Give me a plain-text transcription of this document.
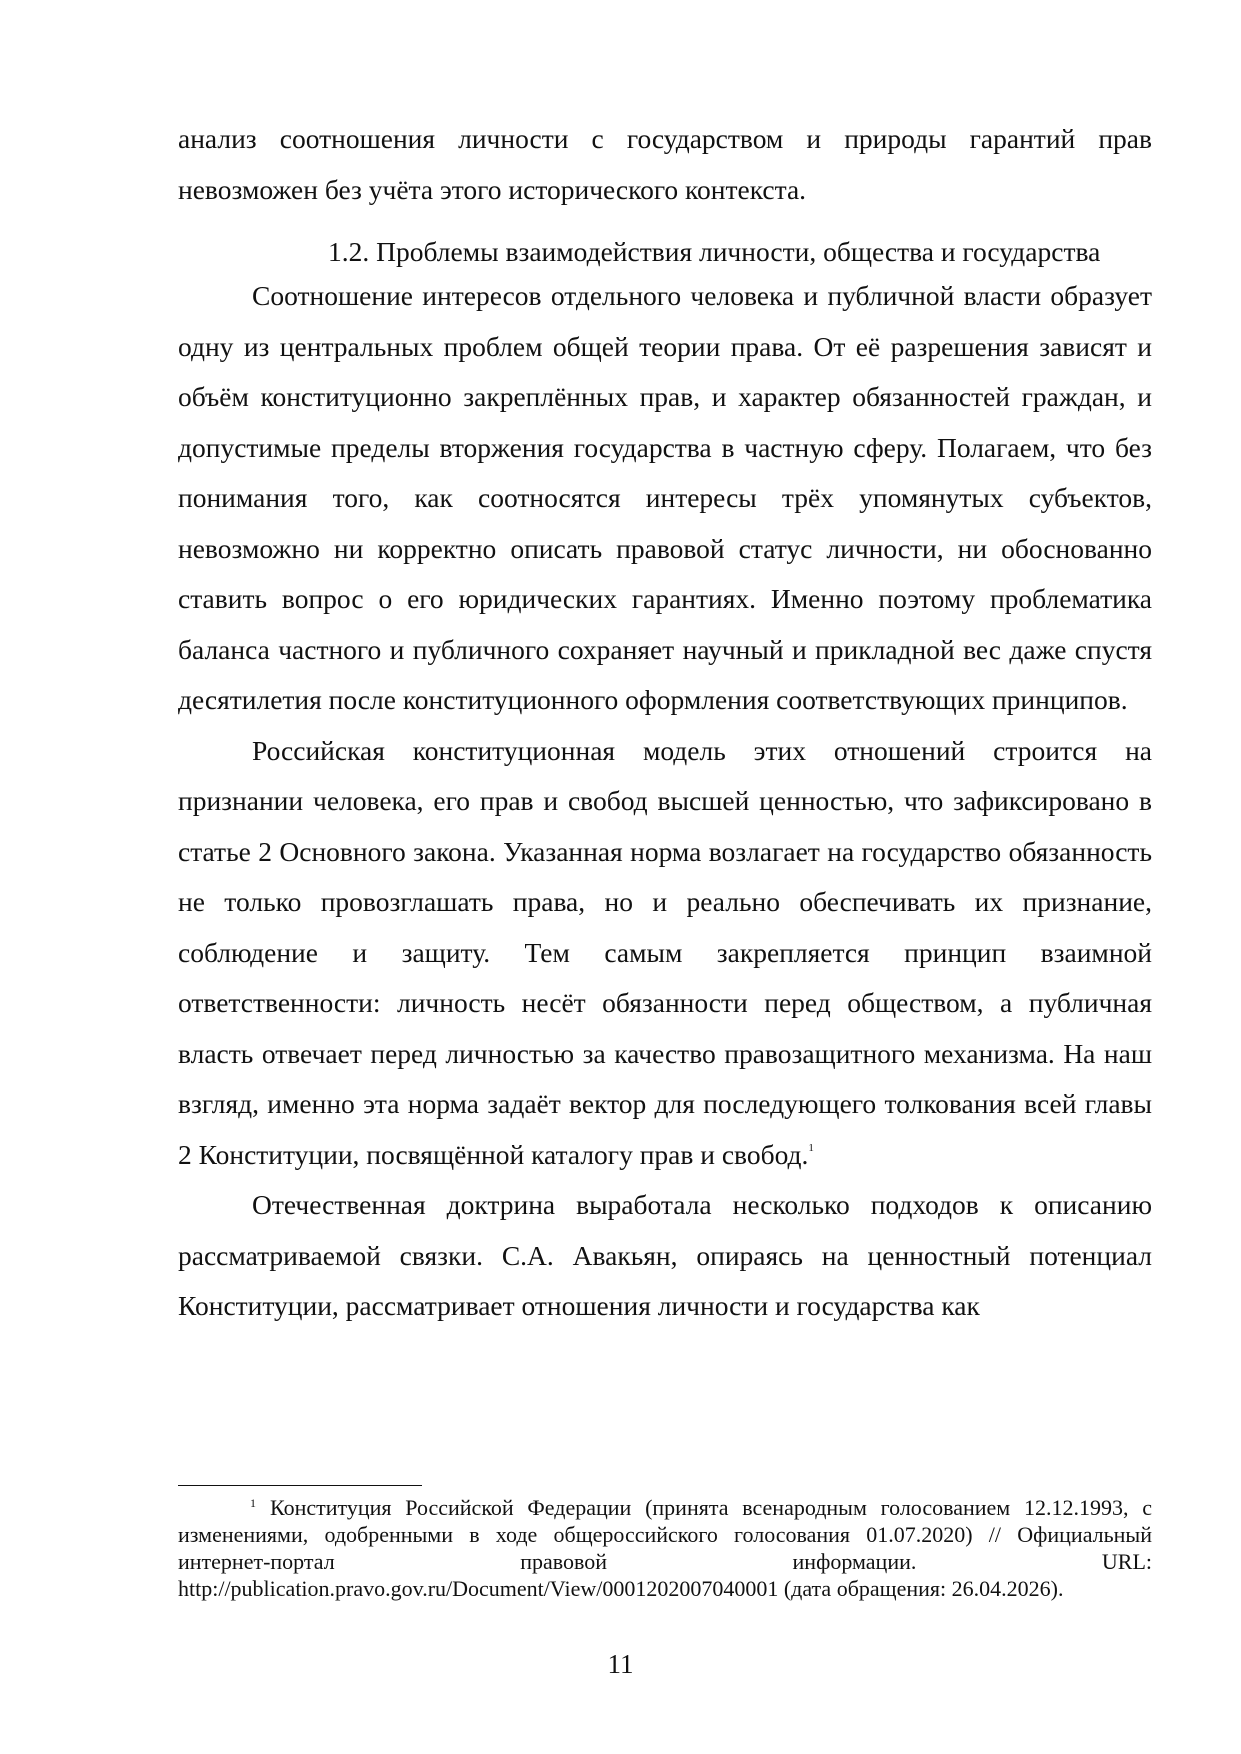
анализ соотношения личности с государством и природы гарантий прав невозможен без учёта этого исторического контекста.

1.2. Проблемы взаимодействия личности, общества и государства

Соотношение интересов отдельного человека и публичной власти образует одну из центральных проблем общей теории права. От её разрешения зависят и объём конституционно закреплённых прав, и характер обязанностей граждан, и допустимые пределы вторжения государства в частную сферу. Полагаем, что без понимания того, как соотносятся интересы трёх упомянутых субъектов, невозможно ни корректно описать правовой статус личности, ни обоснованно ставить вопрос о его юридических гарантиях. Именно поэтому проблематика баланса частного и публичного сохраняет научный и прикладной вес даже спустя десятилетия после конституционного оформления соответствующих принципов.

Российская конституционная модель этих отношений строится на признании человека, его прав и свобод высшей ценностью, что зафиксировано в статье 2 Основного закона. Указанная норма возлагает на государство обязанность не только провозглашать права, но и реально обеспечивать их признание, соблюдение и защиту. Тем самым закрепляется принцип взаимной ответственности: личность несёт обязанности перед обществом, а публичная власть отвечает перед личностью за качество правозащитного механизма. На наш взгляд, именно эта норма задаёт вектор для последующего толкования всей главы 2 Конституции, посвящённой каталогу прав и свобод.$^1$

Отечественная доктрина выработала несколько подходов к описанию рассматриваемой связки. С.А. Авакьян, опираясь на ценностный потенциал Конституции, рассматривает отношения личности и государства как

$^1$ Конституция Российской Федерации (принята всенародным голосованием 12.12.1993, с изменениями, одобренными в ходе общероссийского голосования 01.07.2020) // Официальный интернет-портал правовой информации. URL: http://publication.pravo.gov.ru/Document/View/0001202007040001 (дата обращения: 26.04.2026).
11
